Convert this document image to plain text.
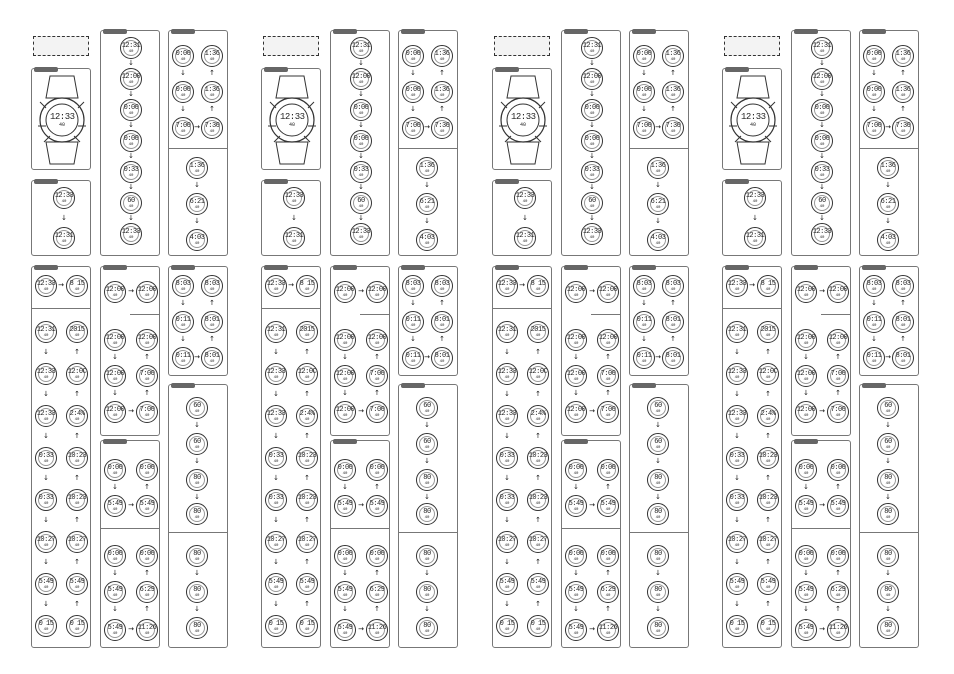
12:33
40
12:33
40
↓
12:31
40
12:31
40
↓
12:00
40
↓
0:00
40
↓
0:00
40
↓
0:33
40
↓
60
40
↓
12:33
40
0:00
40
1:36
40
↓	↑
0:00
40
1:36
40
↓	↑
7:00
40
→ 7:30
40
1:36
40
↓
6:21
40
↓
4:03
40
12:33
40
→ 8 15
40
12:31
40
2015
40
↓	↑
12:33
40
12:0C
40
↓	↑
12:33
40
2:4%
40
↓	↑
0:33
40
10:23
40
↓	↑
0:33
40
10:23
40
↓	↑
10:27
40
10:27
40
↓	↑
5:49
40
5:49
40
↓	↑
0 15
40
0 15
40
12:00
40
→ 12:00
40
12:00
40
12:00
40
↓	↑
12:00
40
7:00
40
↓	↑
12:00
40
→ 7:00
40
0:00
40
0:00
40
↓	↑
5:49
40
→ 5:49
40
0:00
40
0:00
40
↓	↑
5:49
40
6:29
40
↓	↑
5:49
40
→ 11:26
40
8:03
40
8:03
40
↓	↑
0:11
40
8:01
40
↓	↑
0:11
40
→ 8:01
40
60
40
↓
60
40
↓
80
40
↓
80
40
80
40
↓
80
40
↓
80
40
12:33
40
12:33
40
↓
12:31
40
12:31
40
↓
12:00
40
↓
0:00
40
↓
0:00
40
↓
0:33
40
↓
60
40
↓
12:33
40
0:00
40
1:36
40
↓	↑
0:00
40
1:36
40
↓	↑
7:00
40
→ 7:30
40
1:36
40
↓
6:21
40
↓
4:03
40
12:33
40
→ 8 15
40
12:31
40
2015
40
↓	↑
12:33
40
12:0C
40
↓	↑
12:33
40
2:4%
40
↓	↑
0:33
40
10:23
40
↓	↑
0:33
40
10:23
40
↓	↑
10:27
40
10:27
40
↓	↑
5:49
40
5:49
40
↓	↑
0 15
40
0 15
40
12:00
40
→ 12:00
40
12:00
40
12:00
40
↓	↑
12:00
40
7:00
40
↓	↑
12:00
40
→ 7:00
40
0:00
40
0:00
40
↓	↑
5:49
40
→ 5:49
40
0:00
40
0:00
40
↓	↑
5:49
40
6:29
40
↓	↑
5:49
40
→ 11:26
40
8:03
40
8:03
40
↓	↑
0:11
40
8:01
40
↓	↑
0:11
40
→ 8:01
40
60
40
↓
60
40
↓
80
40
↓
80
40
80
40
↓
80
40
↓
80
40
12:33
40
12:33
40
↓
12:31
40
12:31
40
↓
12:00
40
↓
0:00
40
↓
0:00
40
↓
0:33
40
↓
60
40
↓
12:33
40
0:00
40
1:36
40
↓	↑
0:00
40
1:36
40
↓	↑
7:00
40
→ 7:30
40
1:36
40
↓
6:21
40
↓
4:03
40
12:33
40
→ 8 15
40
12:31
40
2015
40
↓	↑
12:33
40
12:0C
40
↓	↑
12:33
40
2:4%
40
↓	↑
0:33
40
10:23
40
↓	↑
0:33
40
10:23
40
↓	↑
10:27
40
10:27
40
↓	↑
5:49
40
5:49
40
↓	↑
0 15
40
0 15
40
12:00
40
→ 12:00
40
12:00
40
12:00
40
↓	↑
12:00
40
7:00
40
↓	↑
12:00
40
→ 7:00
40
0:00
40
0:00
40
↓	↑
5:49
40
→ 5:49
40
0:00
40
0:00
40
↓	↑
5:49
40
6:29
40
↓	↑
5:49
40
→ 11:26
40
8:03
40
8:03
40
↓	↑
0:11
40
8:01
40
↓	↑
0:11
40
→ 8:01
40
60
40
↓
60
40
↓
80
40
↓
80
40
80
40
↓
80
40
↓
80
40
12:33
40
12:33
40
↓
12:31
40
12:31
40
↓
12:00
40
↓
0:00
40
↓
0:00
40
↓
0:33
40
↓
60
40
↓
12:33
40
0:00
40
1:36
40
↓	↑
0:00
40
1:36
40
↓	↑
7:00
40
→ 7:30
40
1:36
40
↓
6:21
40
↓
4:03
40
12:33
40
→ 8 15
40
12:31
40
2015
40
↓	↑
12:33
40
12:0C
40
↓	↑
12:33
40
2:4%
40
↓	↑
0:33
40
10:23
40
↓	↑
0:33
40
10:23
40
↓	↑
10:27
40
10:27
40
↓	↑
5:49
40
5:49
40
↓	↑
0 15
40
0 15
40
12:00
40
→ 12:00
40
12:00
40
12:00
40
↓	↑
12:00
40
7:00
40
↓	↑
12:00
40
→ 7:00
40
0:00
40
0:00
40
↓	↑
5:49
40
→ 5:49
40
0:00
40
0:00
40
↓	↑
5:49
40
6:29
40
↓	↑
5:49
40
→ 11:26
40
8:03
40
8:03
40
↓	↑
0:11
40
8:01
40
↓	↑
0:11
40
→ 8:01
40
60
40
↓
60
40
↓
80
40
↓
80
40
80
40
↓
80
40
↓
80
40
